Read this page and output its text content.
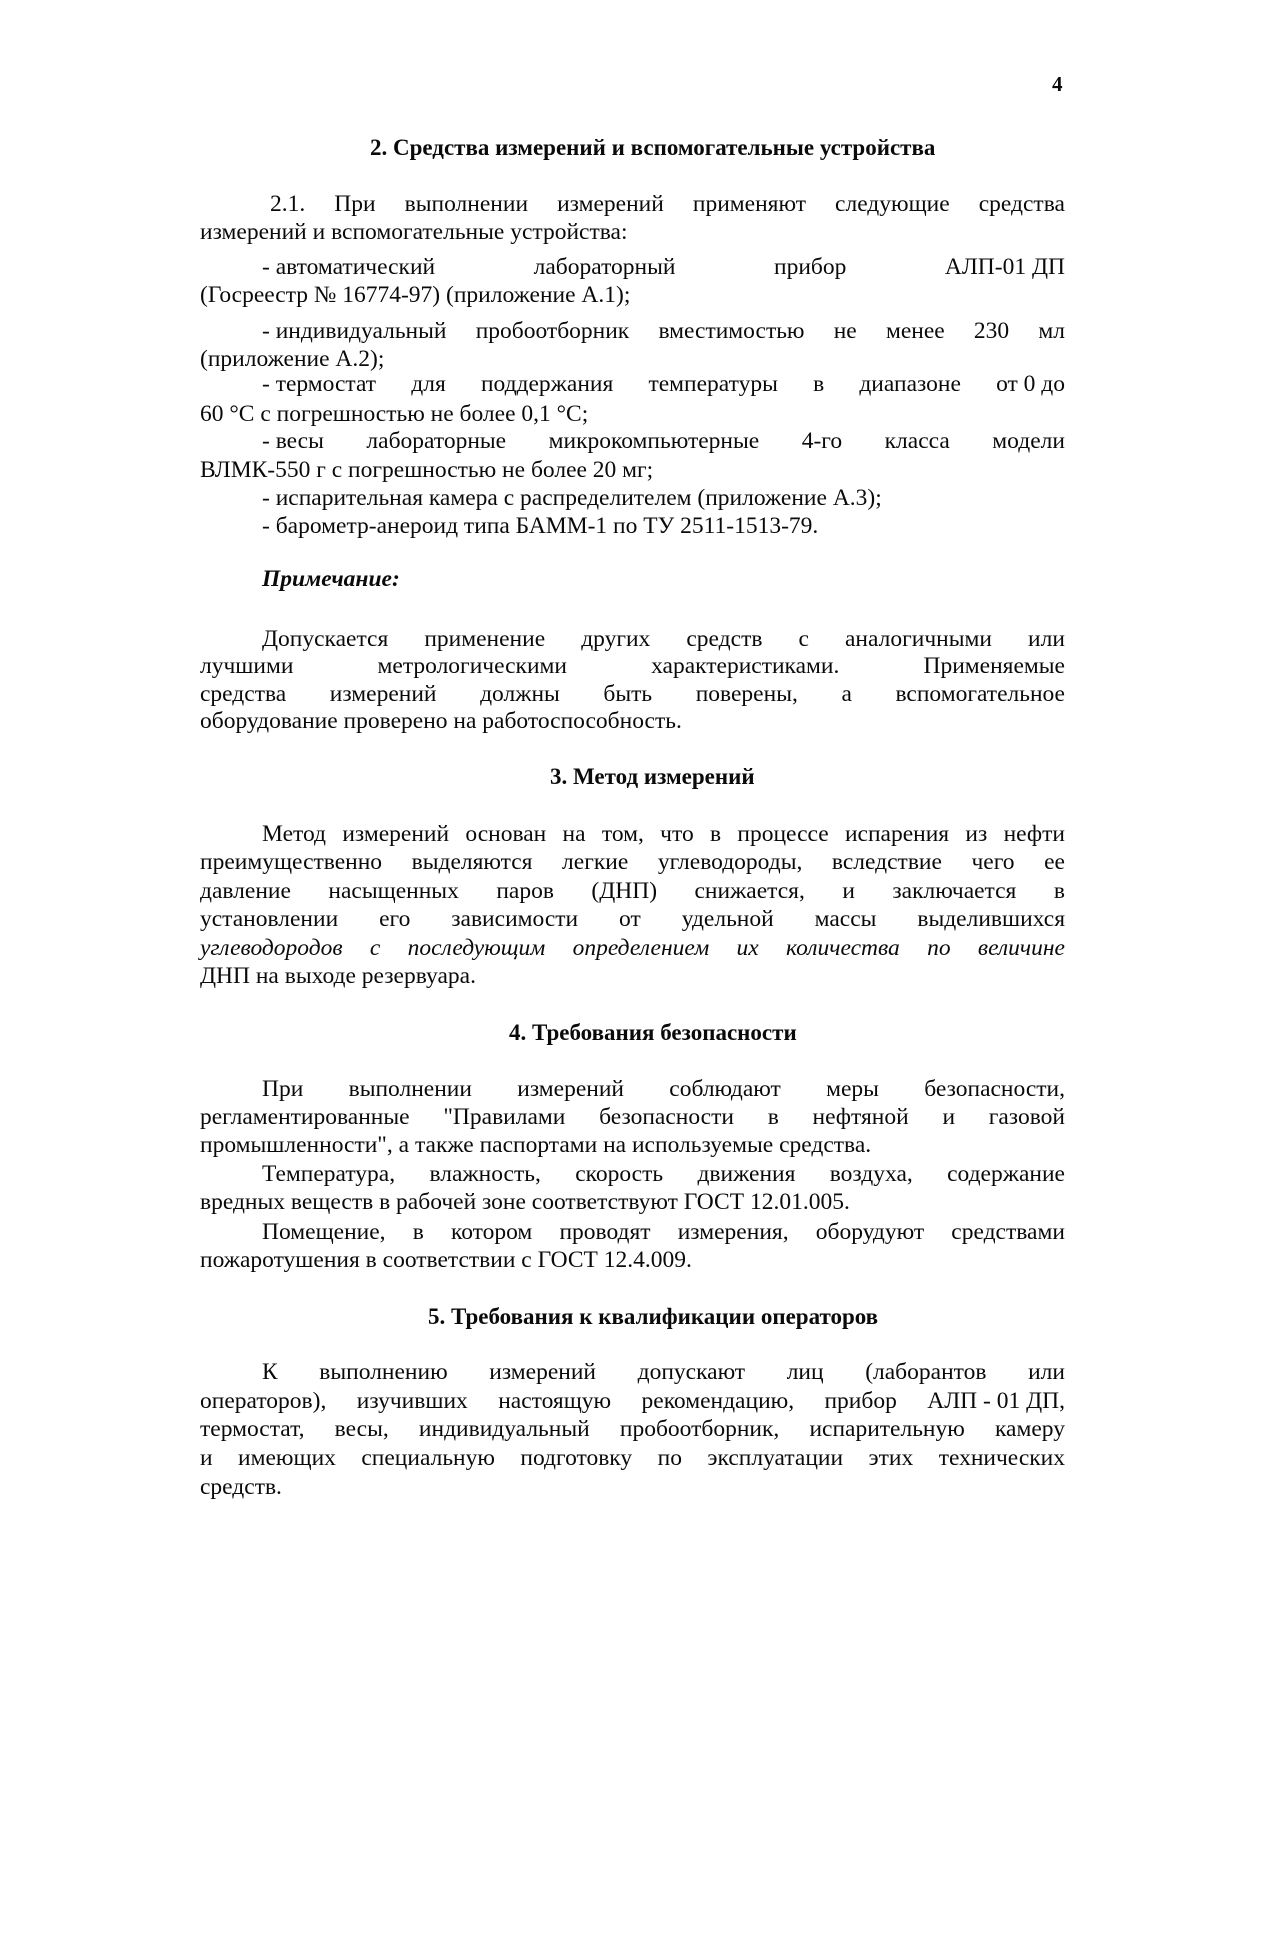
4
2. Средства измерений и вспомогательные устройства
2.1. При выполнении измерений применяют следующие средства
измерений и вспомогательные устройства:
- автоматический	лабораторный	прибор	АЛП-01 ДП
(Госреестр № 16774-97) (приложение А.1);
- индивидуальный пробоотборник вместимостью не менее 230 мл
(приложение А.2);
- термостат для поддержания температуры в диапазоне от 0 до
60 °С с погрешностью не более 0,1 °С;
- весы лабораторные микрокомпьютерные 4-го класса модели
ВЛМК-550 г с погрешностью не более 20 мг;
- испарительная камера с распределителем (приложение А.3);
- барометр-анероид типа БАММ-1 по ТУ 2511-1513-79.
Примечание:
Допускается применение других средств с аналогичными или
лучшими	метрологическими	характеристиками.	Применяемые
средства измерений должны быть поверены, а вспомогательное
оборудование проверено на работоспособность.
3. Метод измерений
Метод измерений основан на том, что в процессе испарения из нефти
преимущественно выделяются легкие углеводороды, вследствие чего ее
давление насыщенных паров (ДНП) снижается, и заключается в
установлении его зависимости от удельной массы выделившихся
углеводородов с последующим определением их количества по величине
ДНП на выходе резервуара.
4. Требования безопасности
При выполнении измерений соблюдают меры безопасности,
регламентированные "Правилами безопасности в нефтяной и газовой
промышленности", а также паспортами на используемые средства.
Температура, влажность, скорость движения воздуха, содержание
вредных веществ в рабочей зоне соответствуют ГОСТ 12.01.005.
Помещение, в котором проводят измерения, оборудуют средствами
пожаротушения в соответствии с ГОСТ 12.4.009.
5. Требования к квалификации операторов
К выполнению измерений допускают лиц (лаборантов или
операторов), изучивших настоящую рекомендацию, прибор АЛП - 01 ДП,
термостат, весы, индивидуальный пробоотборник, испарительную камеру
и имеющих специальную подготовку по эксплуатации этих технических
средств.
